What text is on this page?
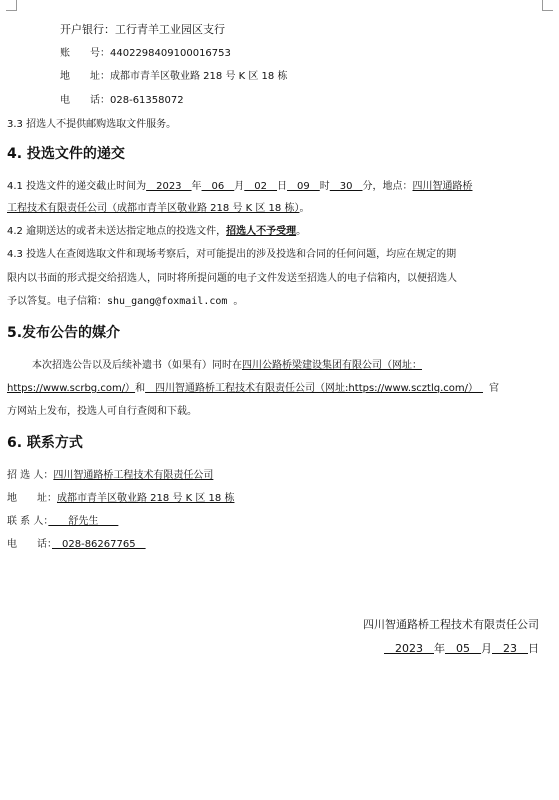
开户银行：工行青羊工业园区支行
账　　号：4402298409100016753
地　　址：成都市青羊区敬业路 218 号 K 区 18 栋
电　　话：028-61358072
3.3 招选人不提供邮购选取文件服务。
4. 投选文件的递交
4.1 投选文件的递交截止时间为　2023　年　06　月　02　日　09　时　30　分，地点：四川智通路桥
工程技术有限责任公司（成都市青羊区敬业路 218 号 K 区 18 栋）。
4.2 逾期送达的或者未送达指定地点的投选文件，招选人不予受理。
4.3 投选人在查阅选取文件和现场考察后，对可能提出的涉及投选和合同的任何问题，均应在规定的期
限内以书面的形式提交给招选人，同时将所提问题的电子文件发送至招选人的电子信箱内，以便招选人
予以答复。电子信箱：shu_gang@foxmail.com 。
5.发布公告的媒介
本次招选公告以及后续补遗书（如果有）同时在四川公路桥梁建设集团有限公司（网址：
https://www.scrbg.com/）和　四川智通路桥工程技术有限责任公司（网址:https://www.scztlq.com/）　官
方网站上发布，投选人可自行查阅和下载。
6. 联系方式
招 选 人：四川智通路桥工程技术有限责任公司
地　　址：成都市青羊区敬业路 218 号 K 区 18 栋
联 系 人：　　舒先生　　
电　　话：　028-86267765　
四川智通路桥工程技术有限责任公司
　2023　年　05　月　23　日
